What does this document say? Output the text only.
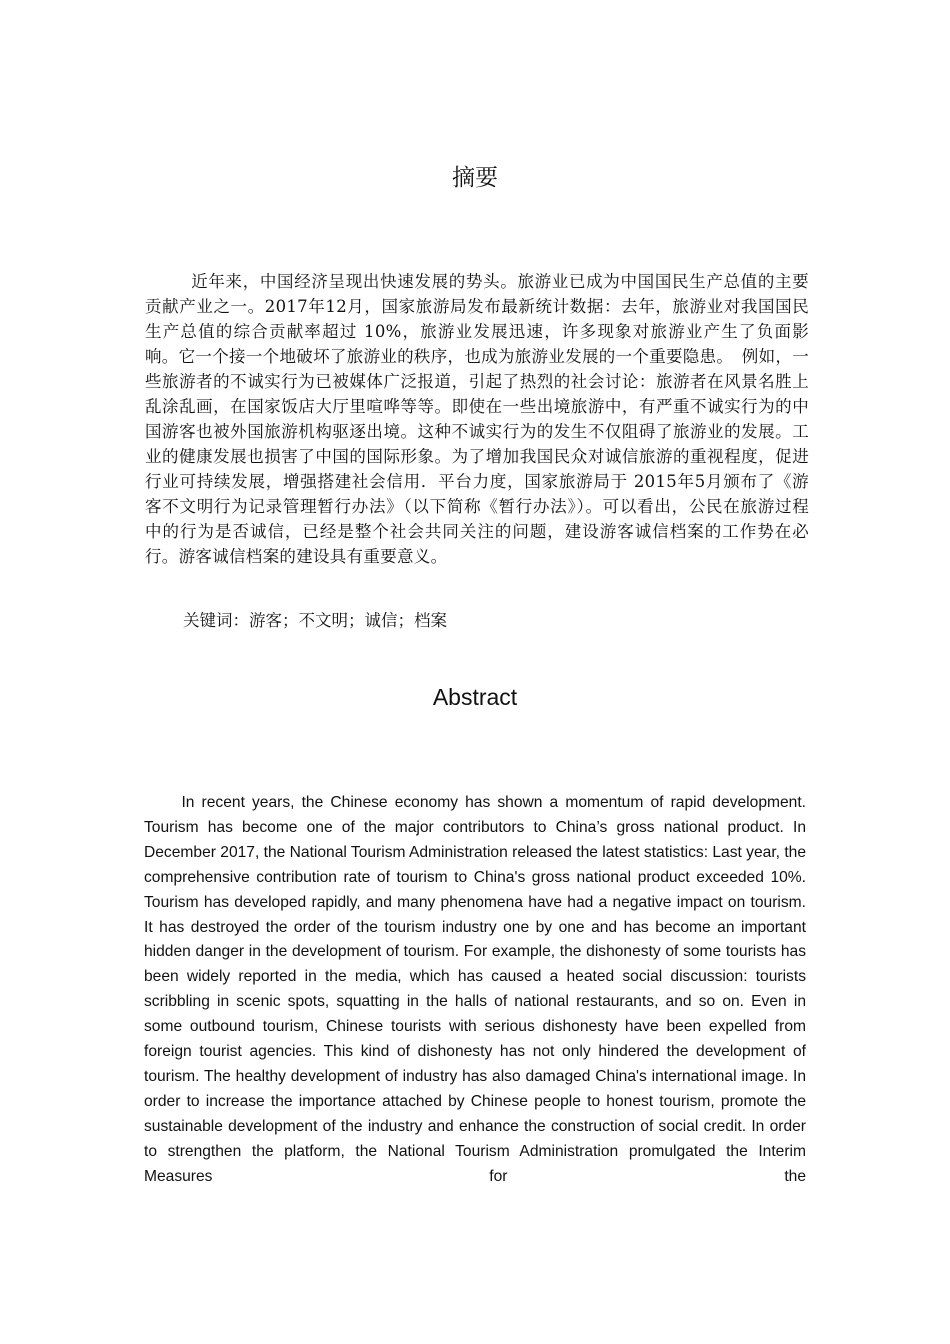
摘要

近年来，中国经济呈现出快速发展的势头。旅游业已成为中国国民生产总值的主要贡献产业之一。2017年12月，国家旅游局发布最新统计数据：去年，旅游业对我国国民生产总值的综合贡献率超过 10%，旅游业发展迅速，许多现象对旅游业产生了负面影响。它一个接一个地破坏了旅游业的秩序，也成为旅游业发展的一个重要隐患。　例如，一些旅游者的不诚实行为已被媒体广泛报道，引起了热烈的社会讨论：旅游者在风景名胜上乱涂乱画，在国家饭店大厅里喧哗等等。即使在一些出境旅游中，有严重不诚实行为的中国游客也被外国旅游机构驱逐出境。这种不诚实行为的发生不仅阻碍了旅游业的发展。工业的健康发展也损害了中国的国际形象。为了增加我国民众对诚信旅游的重视程度，促进行业可持续发展，增强搭建社会信用．平台力度，国家旅游局于 2015年5月颁布了《游客不文明行为记录管理暂行办法》（以下简称《暂行办法》）。可以看出，公民在旅游过程中的行为是否诚信，已经是整个社会共同关注的问题，建设游客诚信档案的工作势在必行。游客诚信档案的建设具有重要意义。

关键词：游客；不文明；诚信；档案

Abstract

In recent years, the Chinese economy has shown a momentum of rapid development. Tourism has become one of the major contributors to China’s gross national product. In December 2017, the National Tourism Administration released the latest statistics: Last year, the comprehensive contribution rate of tourism to China's gross national product exceeded 10%. Tourism has developed rapidly, and many phenomena have had a negative impact on tourism. It has destroyed the order of the tourism industry one by one and has become an important hidden danger in the development of tourism. For example, the dishonesty of some tourists has been widely reported in the media, which has caused a heated social discussion: tourists scribbling in scenic spots, squatting in the halls of national restaurants, and so on. Even in some outbound tourism, Chinese tourists with serious dishonesty have been expelled from foreign tourist agencies. This kind of dishonesty has not only hindered the development of tourism. The healthy development of industry has also damaged China's international image. In order to increase the importance attached by Chinese people to honest tourism, promote the sustainable development of the industry and enhance the construction of social credit. In order to strengthen the platform, the National Tourism Administration promulgated the Interim Measures for the
